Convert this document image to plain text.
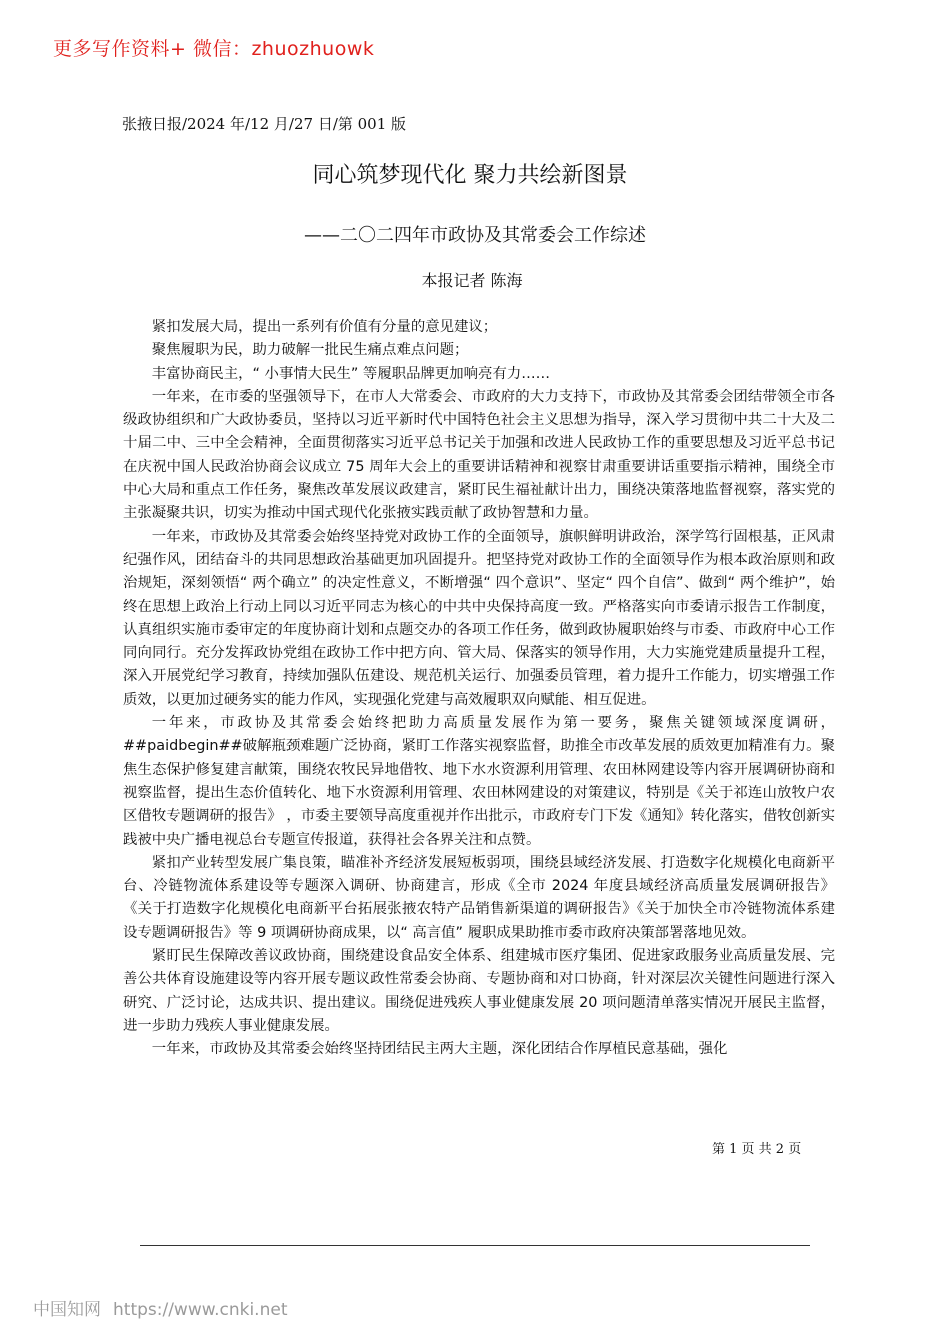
更多写作资料+ 微信：zhuozhuowk
张掖日报/2024 年/12 月/27 日/第 001 版
同心筑梦现代化 聚力共绘新图景
——二〇二四年市政协及其常委会工作综述
本报记者 陈海

紧扣发展大局，提出一系列有价值有分量的意见建议；

聚焦履职为民，助力破解一批民生痛点难点问题；

丰富协商民主，“ 小事情大民生” 等履职品牌更加响亮有力……

一年来，在市委的坚强领导下，在市人大常委会、市政府的大力支持下，市政协及其常委会团结带领全市各级政协组织和广大政协委员，坚持以习近平新时代中国特色社会主义思想为指导，深入学习贯彻中共二十大及二十届二中、三中全会精神，全面贯彻落实习近平总书记关于加强和改进人民政协工作的重要思想及习近平总书记在庆祝中国人民政治协商会议成立 75 周年大会上的重要讲话精神和视察甘肃重要讲话重要指示精神，围绕全市中心大局和重点工作任务，聚焦改革发展议政建言，紧盯民生福祉献计出力，围绕决策落地监督视察，落实党的主张凝聚共识，切实为推动中国式现代化张掖实践贡献了政协智慧和力量。

一年来，市政协及其常委会始终坚持党对政协工作的全面领导，旗帜鲜明讲政治，深学笃行固根基，正风肃纪强作风，团结奋斗的共同思想政治基础更加巩固提升。把坚持党对政协工作的全面领导作为根本政治原则和政治规矩，深刻领悟“ 两个确立” 的决定性意义，不断增强“ 四个意识”、坚定“ 四个自信”、做到“ 两个维护”，始终在思想上政治上行动上同以习近平同志为核心的中共中央保持高度一致。严格落实向市委请示报告工作制度，认真组织实施市委审定的年度协商计划和点题交办的各项工作任务，做到政协履职始终与市委、市政府中心工作同向同行。充分发挥政协党组在政协工作中把方向、管大局、保落实的领导作用，大力实施党建质量提升工程，深入开展党纪学习教育，持续加强队伍建设、规范机关运行、加强委员管理，着力提升工作能力，切实增强工作质效，以更加过硬务实的能力作风，实现强化党建与高效履职双向赋能、相互促进。

一年来，市政协及其常委会始终把助力高质量发展作为第一要务，聚焦关键领域深度调研，##paidbegin##破解瓶颈难题广泛协商，紧盯工作落实视察监督，助推全市改革发展的质效更加精准有力。聚焦生态保护修复建言献策，围绕农牧民异地借牧、地下水水资源利用管理、农田林网建设等内容开展调研协商和视察监督，提出生态价值转化、地下水资源利用管理、农田林网建设的对策建议，特别是《关于祁连山放牧户农区借牧专题调研的报告》 ，市委主要领导高度重视并作出批示，市政府专门下发《通知》转化落实，借牧创新实践被中央广播电视总台专题宣传报道，获得社会各界关注和点赞。

紧扣产业转型发展广集良策，瞄准补齐经济发展短板弱项，围绕县域经济发展、打造数字化规模化电商新平台、冷链物流体系建设等专题深入调研、协商建言，形成《全市 2024 年度县域经济高质量发展调研报告》 《关于打造数字化规模化电商新平台拓展张掖农特产品销售新渠道的调研报告》《关于加快全市冷链物流体系建设专题调研报告》等 9 项调研协商成果，以“ 高言值” 履职成果助推市委市政府决策部署落地见效。

紧盯民生保障改善议政协商，围绕建设食品安全体系、组建城市医疗集团、促进家政服务业高质量发展、完善公共体育设施建设等内容开展专题议政性常委会协商、专题协商和对口协商，针对深层次关键性问题进行深入研究、广泛讨论，达成共识、提出建议。围绕促进残疾人事业健康发展 20 项问题清单落实情况开展民主监督，进一步助力残疾人事业健康发展。

一年来，市政协及其常委会始终坚持团结民主两大主题，深化团结合作厚植民意基础，强化

第 1 页 共 2 页
中国知网 https://www.cnki.net
